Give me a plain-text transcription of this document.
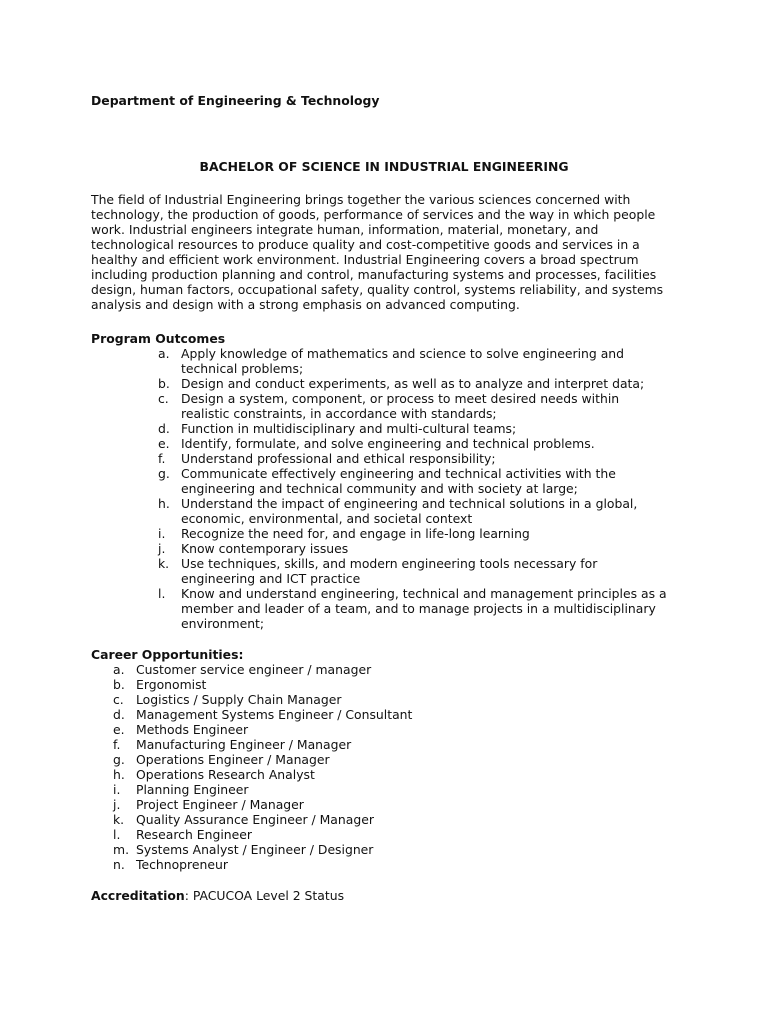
Department of Engineering & Technology
BACHELOR OF SCIENCE IN INDUSTRIAL ENGINEERING
The field of Industrial Engineering brings together the various sciences concerned with
technology, the production of goods, performance of services and the way in which people
work. Industrial engineers integrate human, information, material, monetary, and
technological resources to produce quality and cost-competitive goods and services in a
healthy and efficient work environment. Industrial Engineering covers a broad spectrum
including production planning and control, manufacturing systems and processes, facilities
design, human factors, occupational safety, quality control, systems reliability, and systems
analysis and design with a strong emphasis on advanced computing.
Program Outcomes
a. Apply knowledge of mathematics and science to solve engineering and
technical problems;
b. Design and conduct experiments, as well as to analyze and interpret data;
c. Design a system, component, or process to meet desired needs within
realistic constraints, in accordance with standards;
d. Function in multidisciplinary and multi-cultural teams;
e. Identify, formulate, and solve engineering and technical problems.
f. Understand professional and ethical responsibility;
g. Communicate effectively engineering and technical activities with the
engineering and technical community and with society at large;
h. Understand the impact of engineering and technical solutions in a global,
economic, environmental, and societal context
i. Recognize the need for, and engage in life-long learning
j. Know contemporary issues
k. Use techniques, skills, and modern engineering tools necessary for
engineering and ICT practice
l. Know and understand engineering, technical and management principles as a
member and leader of a team, and to manage projects in a multidisciplinary
environment;
Career Opportunities:
a. Customer service engineer / manager
b. Ergonomist
c. Logistics / Supply Chain Manager
d. Management Systems Engineer / Consultant
e. Methods Engineer
f. Manufacturing Engineer / Manager
g. Operations Engineer / Manager
h. Operations Research Analyst
i. Planning Engineer
j. Project Engineer / Manager
k. Quality Assurance Engineer / Manager
l. Research Engineer
m. Systems Analyst / Engineer / Designer
n. Technopreneur
Accreditation: PACUCOA Level 2 Status
